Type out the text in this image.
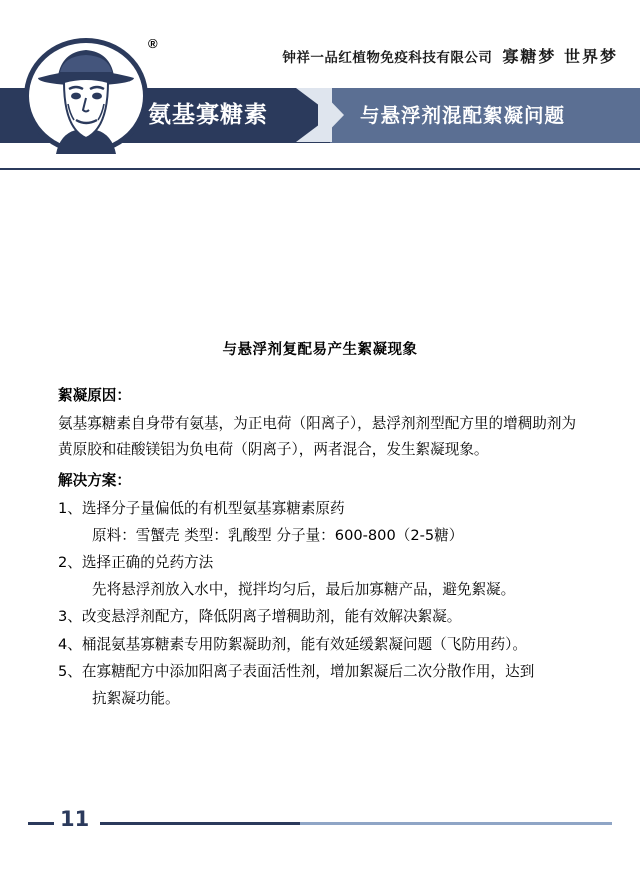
®
钟祥一品红植物免疫科技有限公司 寡糖梦 世界梦
氨基寡糖素	与悬浮剂混配絮凝问题
与悬浮剂复配易产生絮凝现象
絮凝原因：
氨基寡糖素自身带有氨基，为正电荷（阳离子），悬浮剂剂型配方里的增稠助剂为黄原胶和硅酸镁铝为负电荷（阴离子），两者混合，发生絮凝现象。
解决方案：
1、选择分子量偏低的有机型氨基寡糖素原药
原料：雪蟹壳 类型：乳酸型 分子量：600-800（2-5糖）
2、选择正确的兑药方法
先将悬浮剂放入水中，搅拌均匀后，最后加寡糖产品，避免絮凝。
3、改变悬浮剂配方，降低阴离子增稠助剂，能有效解决絮凝。
4、桶混氨基寡糖素专用防絮凝助剂，能有效延缓絮凝问题（飞防用药）。
5、在寡糖配方中添加阳离子表面活性剂，增加絮凝后二次分散作用，达到
抗絮凝功能。
11
